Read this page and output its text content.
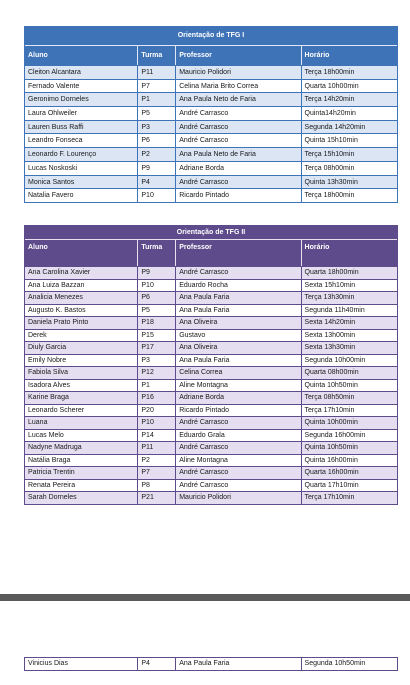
Orientação de TFG I
Aluno	Turma	Professor	Horário
Cleiton Alcantara	P11	Mauricio Polidori	Terça 18h00min
Fernado Valente	P7	Celina Maria Brito Correa	Quarta 10h00min
Geronimo Dorneles	P1	Ana Paula Neto de Faria	Terça 14h20min
Laura Ohlweiler	P5	André Carrasco	Quinta14h20min
Lauren Buss Raffi	P3	André Carrasco	Segunda 14h20min
Leandro Fonseca	P6	André Carrasco	Quinta 15h10min
Leonardo F. Lourenço	P2	Ana Paula Neto de Faria	Terça 15h10min
Lucas Noskoski	P9	Adriane Borda	Terça 08h00min
Monica Santos	P4	André Carrasco	Quinta 13h30min
Natalia Favero	P10	Ricardo Pintado	Terça 18h00min
Orientação de TFG II
Aluno	Turma	Professor	Horário
Ana Carolina Xavier	P9	André Carrasco	Quarta 18h00min
Ana Luiza Bazzan	P10	Eduardo Rocha	Sexta 15h10min
Analicia Menezes	P6	Ana Paula Faria	Terça 13h30min
Augusto K. Bastos	P5	Ana Paula Faria	Segunda 11h40min
Daniela Prato Pinto	P18	Ana Oliveira	Sexta 14h20min
Derek	P15	Gustavo	Sexta 13h00min
Diuly Garcia	P17	Ana Oliveira	Sexta 13h30min
Emily Nobre	P3	Ana Paula Faria	Segunda 10h00min
Fabiola Silva	P12	Celina Correa	Quarta 08h00min
Isadora Alves	P1	Aline Montagna	Quinta 10h50min
Karine Braga	P16	Adriane Borda	Terça 08h50min
Leonardo Scherer	P20	Ricardo Pintado	Terça 17h10min
Luana	P10	André Carrasco	Quinta 10h00min
Lucas Melo	P14	Eduardo Grala	Segunda 16h00min
Nadyne Madruga	P11	André Carrasco	Quinta 10h50min
Natália Braga	P2	Aline Montagna	Quinta 16h00min
Patricia Trentin	P7	André Carrasco	Quarta 16h00min
Renata Pereira	P8	André Carrasco	Quarta 17h10min
Sarah Dorneles	P21	Mauricio Polidori	Terça 17h10min
Vinicius Dias	P4	Ana Paula Faria	Segunda 10h50min
